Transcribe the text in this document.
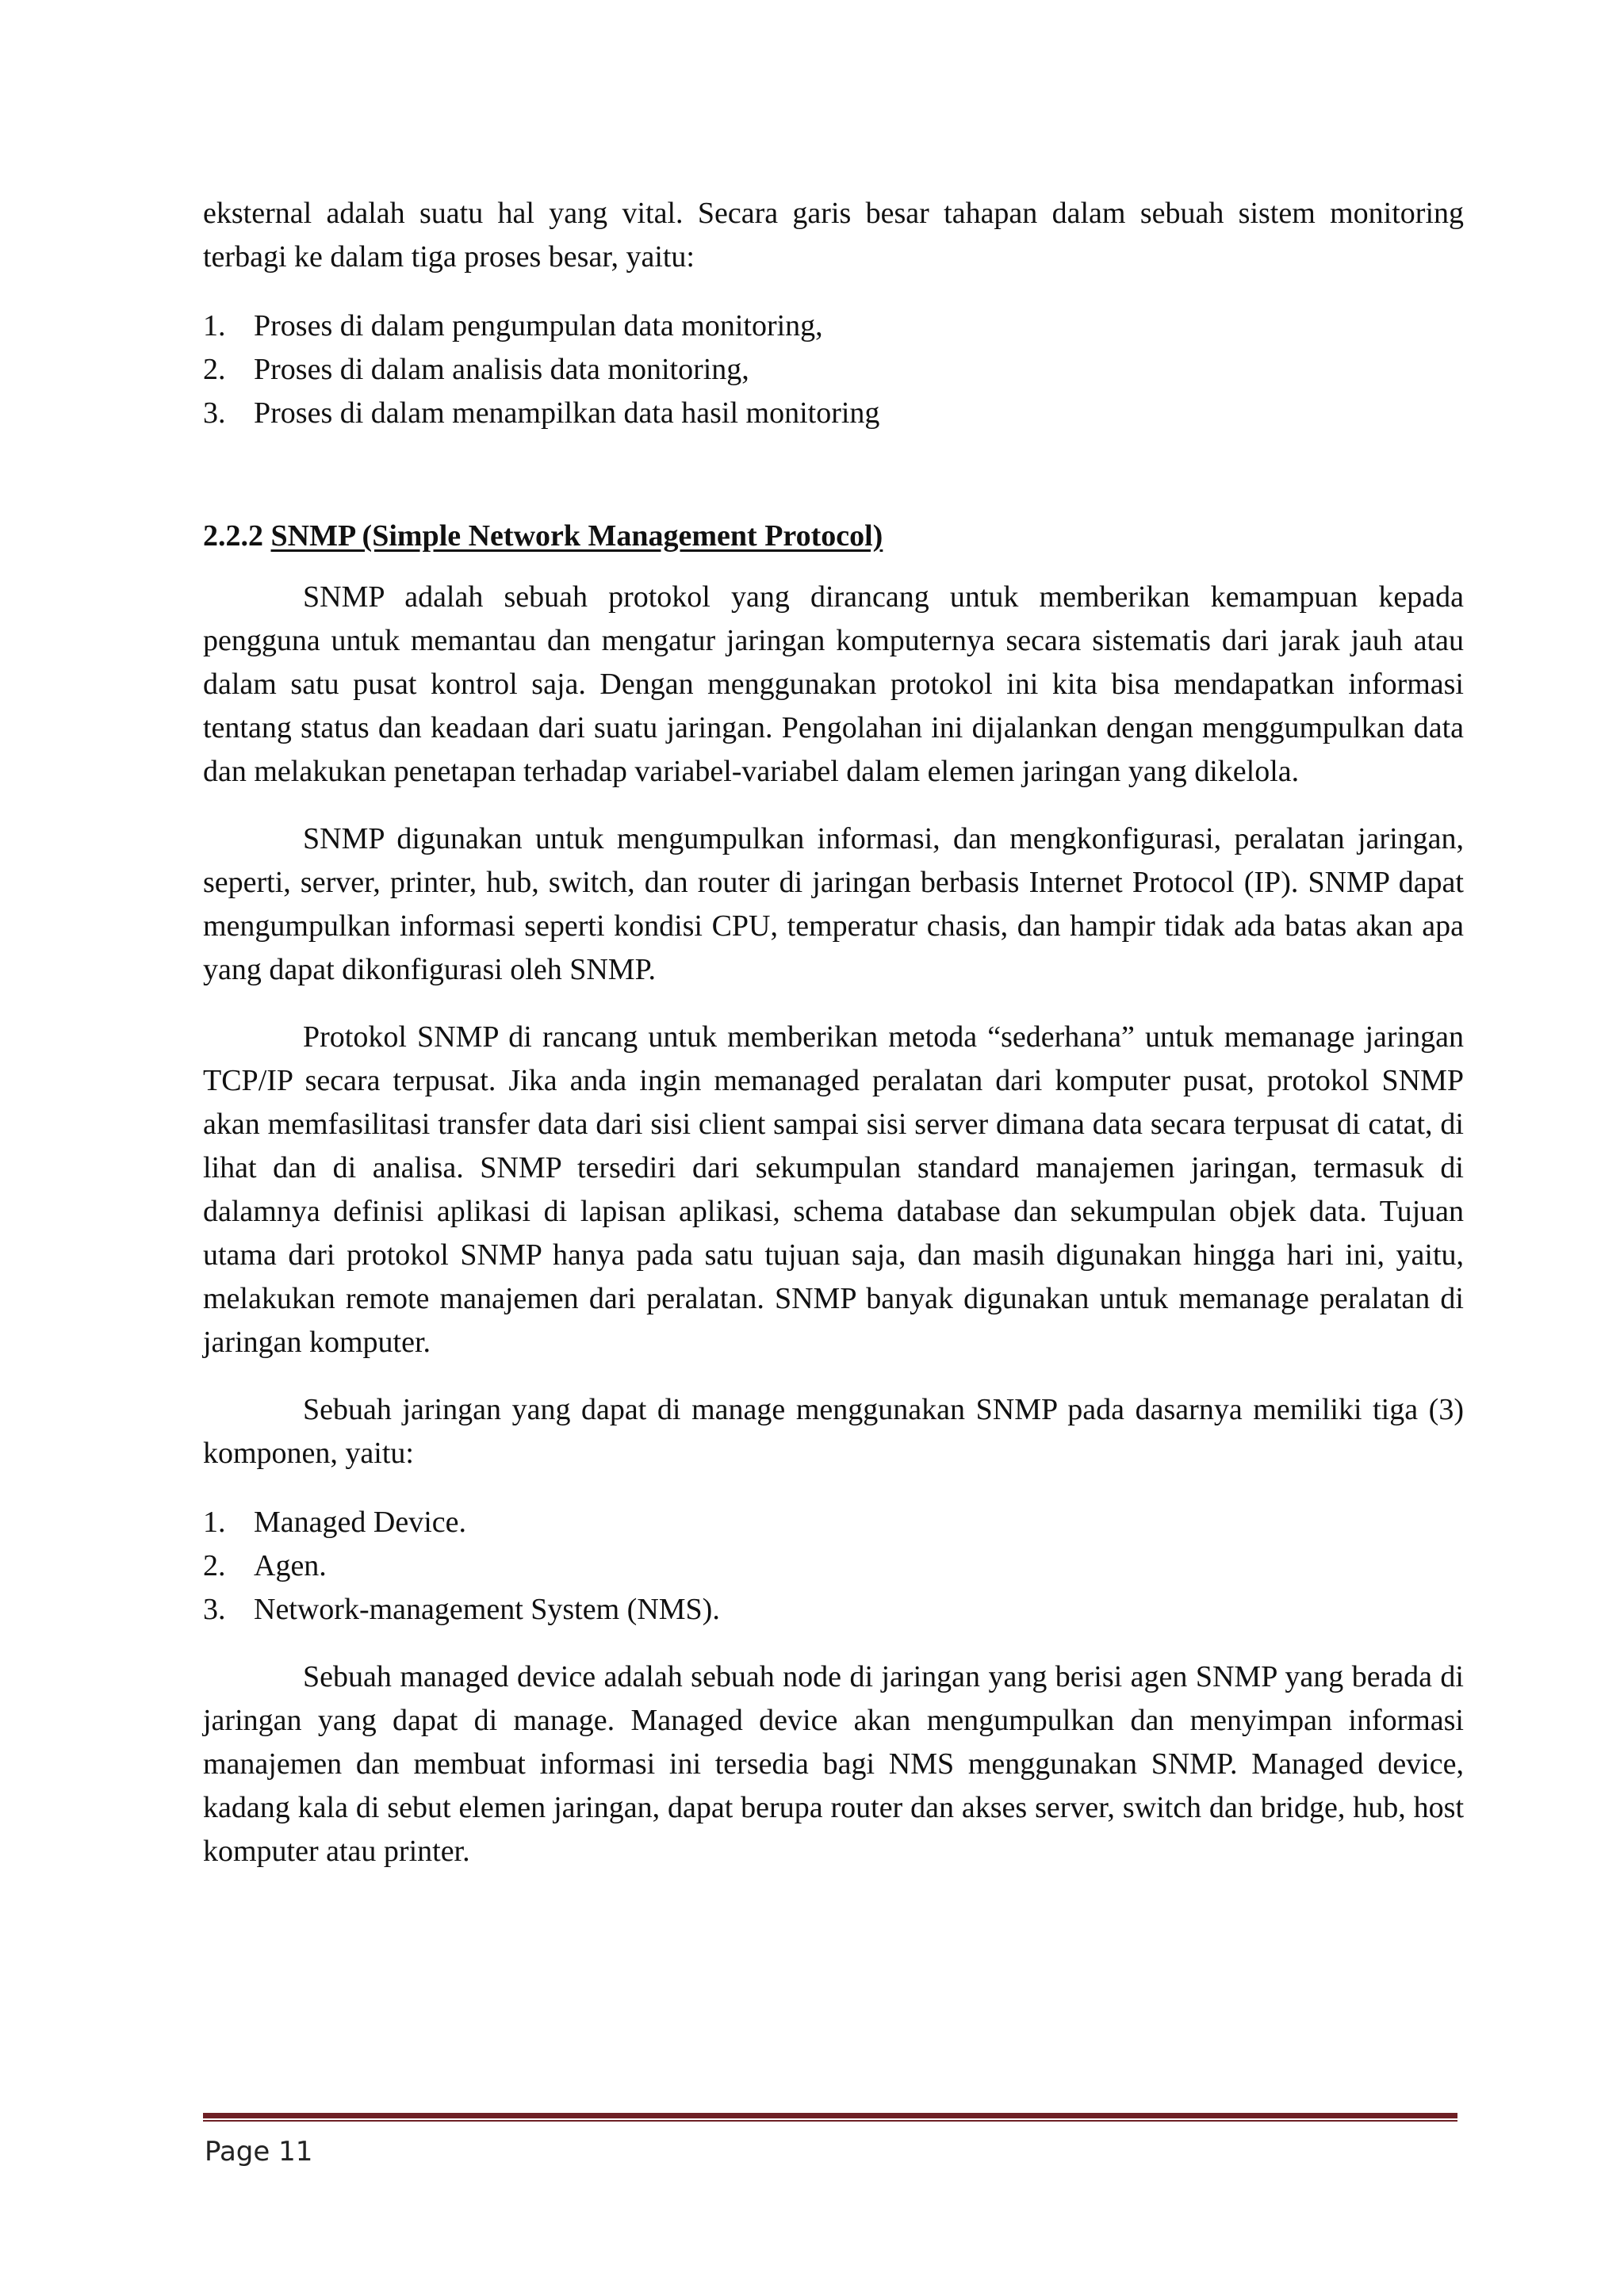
eksternal adalah suatu hal yang vital. Secara garis besar tahapan dalam sebuah sistem monitoring terbagi ke dalam tiga proses besar, yaitu:

1. Proses di dalam pengumpulan data monitoring,
2. Proses di dalam analisis data monitoring,
3. Proses di dalam menampilkan data hasil monitoring

2.2.2 SNMP (Simple Network Management Protocol)

SNMP adalah sebuah protokol yang dirancang untuk memberikan kemampuan kepada pengguna untuk memantau dan mengatur jaringan komputernya secara sistematis dari jarak jauh atau dalam satu pusat kontrol saja. Dengan menggunakan protokol ini kita bisa mendapatkan informasi tentang status dan keadaan dari suatu jaringan. Pengolahan ini dijalankan dengan menggumpulkan data dan melakukan penetapan terhadap variabel-variabel dalam elemen jaringan yang dikelola.

SNMP digunakan untuk mengumpulkan informasi, dan mengkonfigurasi, peralatan jaringan, seperti, server, printer, hub, switch, dan router di jaringan berbasis Internet Protocol (IP). SNMP dapat mengumpulkan informasi seperti kondisi CPU, temperatur chasis, dan hampir tidak ada batas akan apa yang dapat dikonfigurasi oleh SNMP.

Protokol SNMP di rancang untuk memberikan metoda “sederhana” untuk memanage jaringan TCP/IP secara terpusat. Jika anda ingin memanaged peralatan dari komputer pusat, protokol SNMP akan memfasilitasi transfer data dari sisi client sampai sisi server dimana data secara terpusat di catat, di lihat dan di analisa. SNMP tersediri dari sekumpulan standard manajemen jaringan, termasuk di dalamnya definisi aplikasi di lapisan aplikasi, schema database dan sekumpulan objek data. Tujuan utama dari protokol SNMP hanya pada satu tujuan saja, dan masih digunakan hingga hari ini, yaitu, melakukan remote manajemen dari peralatan. SNMP banyak digunakan untuk memanage peralatan di jaringan komputer.

Sebuah jaringan yang dapat di manage menggunakan SNMP pada dasarnya memiliki tiga (3) komponen, yaitu:

1. Managed Device.
2. Agen.
3. Network-management System (NMS).

Sebuah managed device adalah sebuah node di jaringan yang berisi agen SNMP yang berada di jaringan yang dapat di manage. Managed device akan mengumpulkan dan menyimpan informasi manajemen dan membuat informasi ini tersedia bagi NMS menggunakan SNMP. Managed device, kadang kala di sebut elemen jaringan, dapat berupa router dan akses server, switch dan bridge, hub, host komputer atau printer.

Page 11
